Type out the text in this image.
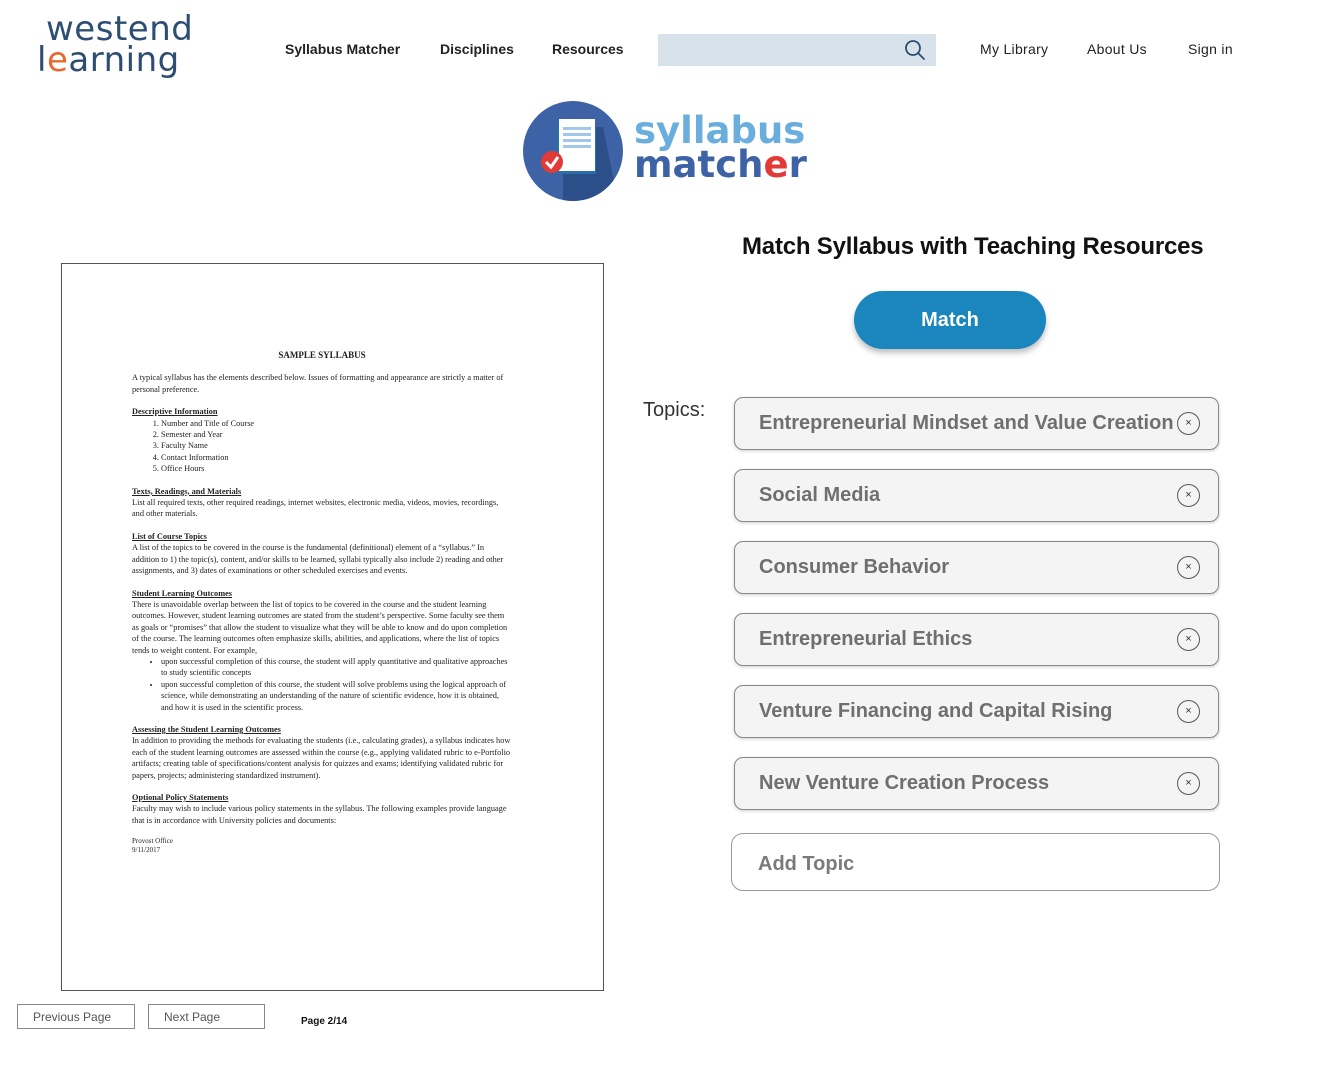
westend
learning	Syllabus Matcher	Disciplines	Resources	My Library	About Us	Sign in
syllabus
matcher
SAMPLE SYLLABUS

A typical syllabus has the elements described below. Issues of formatting and appearance are strictly a matter of personal preference.

Descriptive Information
1. Number and Title of Course
2. Semester and Year
3. Faculty Name
4. Contact Information
5. Office Hours
Texts, Readings, and Materials
List all required texts, other required readings, internet websites, electronic media, videos, movies, recordings, and other materials.
List of Course Topics
A list of the topics to be covered in the course is the fundamental (definitional) element of a “syllabus.” In addition to 1) the topic(s), content, and/or skills to be learned, syllabi typically also include 2) reading and other assignments, and 3) dates of examinations or other scheduled exercises and events.
Student Learning Outcomes
There is unavoidable overlap between the list of topics to be covered in the course and the student learning outcomes. However, student learning outcomes are stated from the student’s perspective. Some faculty see them as goals or “promises” that allow the student to visualize what they will be able to know and do upon completion of the course. The learning outcomes often emphasize skills, abilities, and applications, where the list of topics tends to weight content. For example,
• upon successful completion of this course, the student will apply quantitative and qualitative approaches to study scientific concepts
• upon successful completion of this course, the student will solve problems using the logical approach of science, while demonstrating an understanding of the nature of scientific evidence, how it is obtained, and how it is used in the scientific process.
Assessing the Student Learning Outcomes
In addition to providing the methods for evaluating the students (i.e., calculating grades), a syllabus indicates how each of the student learning outcomes are assessed within the course (e.g., applying validated rubric to e-Portfolio artifacts; creating table of specifications/content analysis for quizzes and exams; identifying validated rubric for papers, projects; administering standardized instrument).
Optional Policy Statements
Faculty may wish to include various policy statements in the syllabus. The following examples provide language that is in accordance with University policies and documents:
Provost Office
9/11/2017
Previous Page	Next Page	Page 2/14
Match Syllabus with Teaching Resources
Match
Topics:
Entrepreneurial Mindset and Value Creation	×
Social Media	×
Consumer Behavior	×
Entrepreneurial Ethics	×
Venture Financing and Capital Rising	×
New Venture Creation Process	×
Add Topic
